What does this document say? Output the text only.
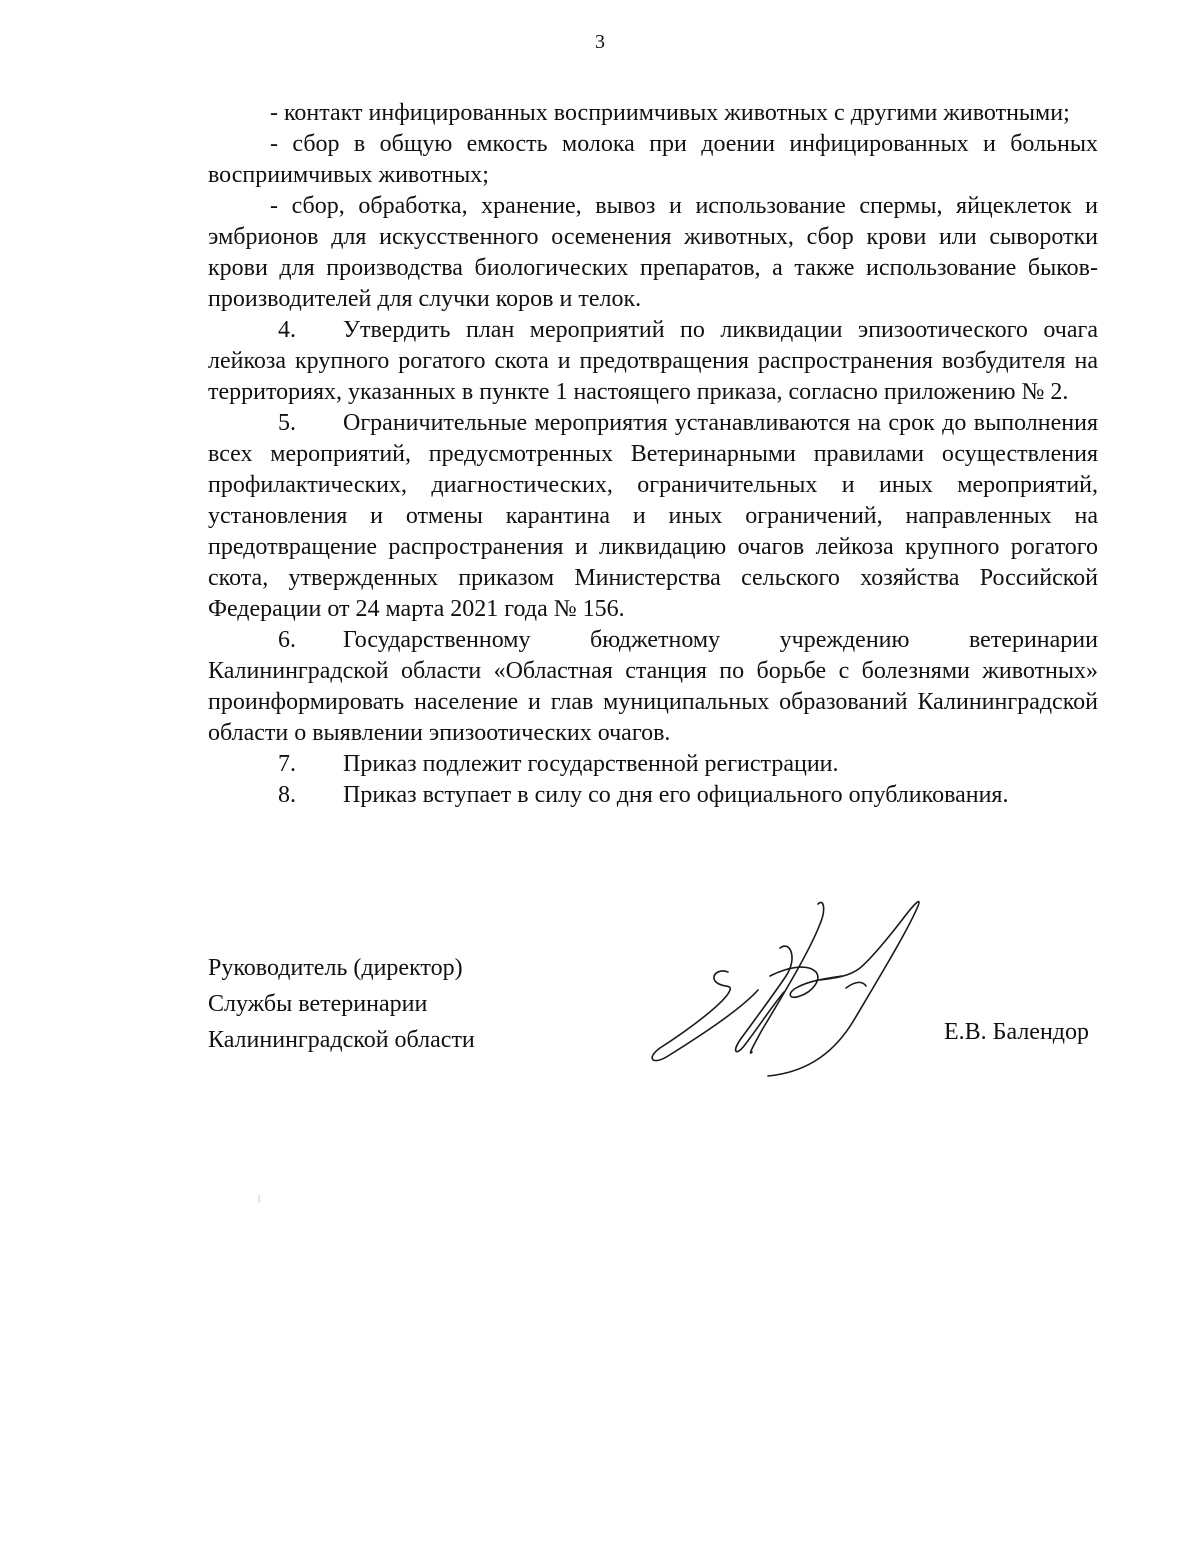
3

- контакт инфицированных восприимчивых животных с другими животными;

- сбор в общую емкость молока при доении инфицированных и больных восприимчивых животных;

- сбор, обработка, хранение, вывоз и использование спермы, яйцеклеток и эмбрионов для искусственного осеменения животных, сбор крови или сыворотки крови для производства биологических препаратов, а также использование быков-производителей для случки коров и телок.

4. Утвердить план мероприятий по ликвидации эпизоотического очага лейкоза крупного рогатого скота и предотвращения распространения возбудителя на территориях, указанных в пункте 1 настоящего приказа, согласно приложению № 2.

5. Ограничительные мероприятия устанавливаются на срок до выполнения всех мероприятий, предусмотренных Ветеринарными правилами осуществления профилактических, диагностических, ограничительных и иных мероприятий, установления и отмены карантина и иных ограничений, направленных на предотвращение распространения и ликвидацию очагов лейкоза крупного рогатого скота, утвержденных приказом Министерства сельского хозяйства Российской Федерации от 24 марта 2021 года № 156.

6. Государственному бюджетному учреждению ветеринарии Калининградской области «Областная станция по борьбе с болезнями животных» проинформировать население и глав муниципальных образований Калининградской области о выявлении эпизоотических очагов.

7. Приказ подлежит государственной регистрации.

8. Приказ вступает в силу со дня его официального опубликования.

Руководитель (директор)
Службы ветеринарии
Калининградской области	Е.В. Балендор
